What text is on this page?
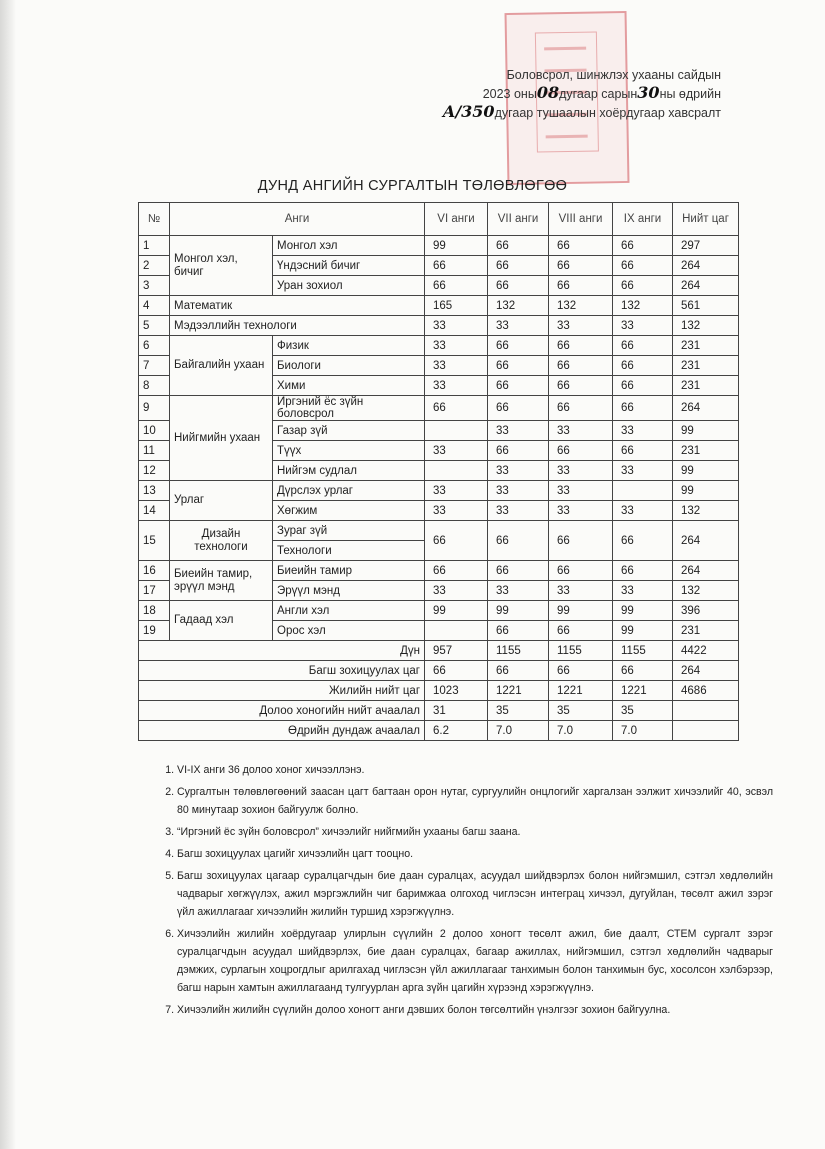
Боловсрол, шинжлэх ухааны сайдын
2023 оны08дугаар сарын30ны өдрийн
A/350дугаар тушаалын хоёрдугаар хавсралт
ДУНД АНГИЙН СУРГАЛТЫН ТӨЛӨВЛӨГӨӨ
№	Анги		VI анги	VII анги	VIII анги	IX анги	Нийт цаг
1	Монгол хэл, бичиг	Монгол хэл	99	66	66	66	297
2		Үндэсний бичиг	66	66	66	66	264
3		Уран зохиол	66	66	66	66	264
4	Математик		165	132	132	132	561
5	Мэдээллийн технологи		33	33	33	33	132
6	Байгалийн ухаан	Физик	33	66	66	66	231
7		Биологи	33	66	66	66	231
8		Хими	33	66	66	66	231
9	Нийгмийн ухаан	Иргэний ёс зүйн боловсрол	66	66	66	66	264
10		Газар зүй		33	33	33	99
11		Түүх	33	66	66	66	231
12		Нийгэм судлал		33	33	33	99
13	Урлаг	Дүрслэх урлаг	33	33	33		99
14		Хөгжим	33	33	33	33	132
15	Дизайн технологи	Зураг зүй	66	66	66	66	264
		Технологи					
16	Биеийн тамир, эрүүл мэнд	Биеийн тамир	66	66	66	66	264
17		Эрүүл мэнд	33	33	33	33	132
18	Гадаад хэл	Англи хэл	99	99	99	99	396
19		Орос хэл		66	66	99	231
Дүн			957	1155	1155	1155	4422
Багш зохицуулах цаг			66	66	66	66	264
Жилийн нийт цаг			1023	1221	1221	1221	4686
Долоо хоногийн нийт ачаалал			31	35	35	35	
Өдрийн дундаж ачаалал			6.2	7.0	7.0	7.0	
1. VI-IX анги 36 долоо хоног хичээллэнэ.
2. Сургалтын төлөвлөгөөний заасан цагт багтаан орон нутаг, сургуулийн онцлогийг харгалзан ээлжит хичээлийг 40, эсвэл 80 минутаар зохион байгуулж болно.
3. “Иргэний ёс зүйн боловсрол” хичээлийг нийгмийн ухааны багш заана.
4. Багш зохицуулах цагийг хичээлийн цагт тооцно.
5. Багш зохицуулах цагаар суралцагчдын бие даан суралцах, асуудал шийдвэрлэх болон нийгэмшил, сэтгэл хөдлөлийн чадварыг хөгжүүлэх, ажил мэргэжлийн чиг баримжаа олгоход чиглэсэн интеграц хичээл, дугуйлан, төсөлт ажил зэрэг үйл ажиллагааг хичээлийн жилийн туршид хэрэгжүүлнэ.
6. Хичээлийн жилийн хоёрдугаар улирлын сүүлийн 2 долоо хоногт төсөлт ажил, бие даалт, СТЕМ сургалт зэрэг суралцагчдын асуудал шийдвэрлэх, бие даан суралцах, багаар ажиллах, нийгэмшил, сэтгэл хөдлөлийн чадварыг дэмжих, сурлагын хоцрогдлыг арилгахад чиглэсэн үйл ажиллагааг танхимын болон танхимын бус, хосолсон хэлбэрээр, багш нарын хамтын ажиллагаанд тулгуурлан арга зүйн цагийн хүрээнд хэрэгжүүлнэ.
7. Хичээлийн жилийн сүүлийн долоо хоногт анги дэвших болон төгсөлтийн үнэлгээг зохион байгуулна.
